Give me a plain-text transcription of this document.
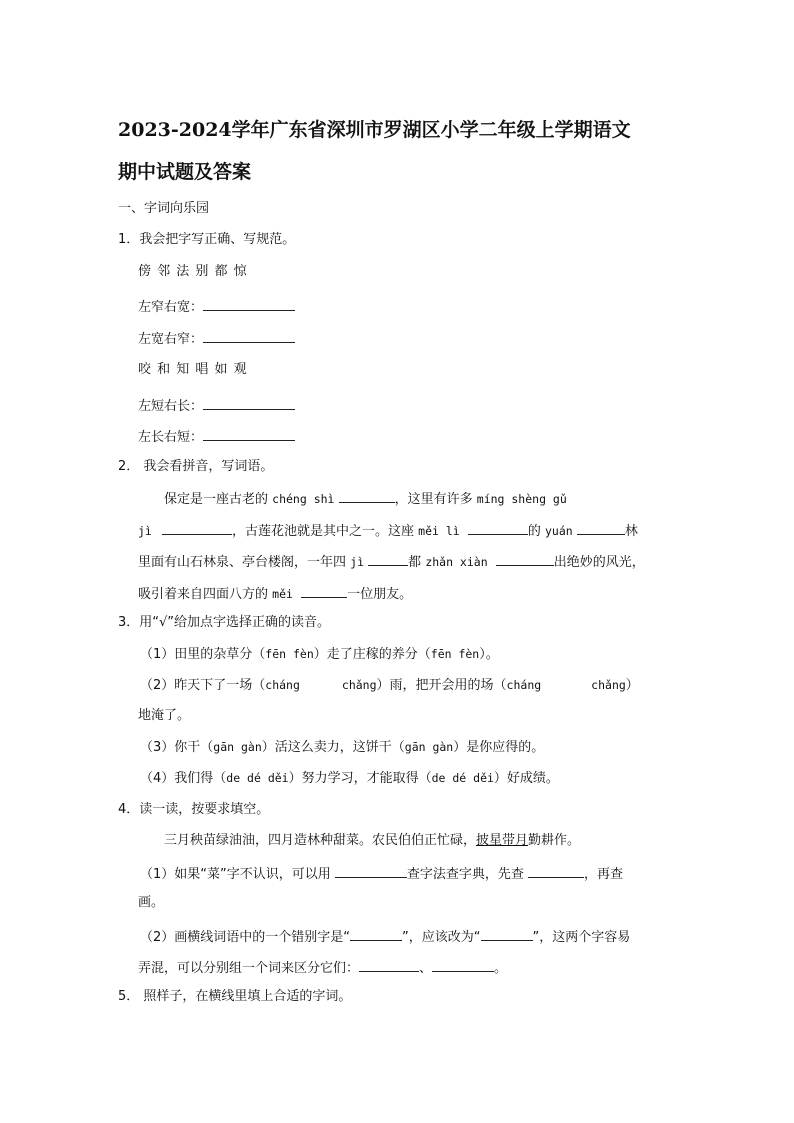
2023-2024学年广东省深圳市罗湖区小学二年级上学期语文
期中试题及答案
一、字词向乐园
1．我会把字写正确、写规范。
傍 邻 法 别 都 惊
左窄右宽：
左宽右窄：
咬 和 知 唱 如 观
左短右长：
左长右短：
2． 我会看拼音，写词语。
保定是一座古老的 chéng shì	，这里有许多 míng shèng gǔ
jì	，古莲花池就是其中之一。这座 měi lì	的 yuán	林
里面有山石林泉、亭台楼阁，一年四 jì	都 zhǎn xiàn	出绝妙的风光，
吸引着来自四面八方的 měi	一位朋友。
3．用“√”给加点字选择正确的读音。
（1）田里的杂草分（fēn fèn）走了庄稼的养分（fēn fèn）。
（2）昨天下了一场（cháng	chǎng）雨，把开会用的场（cháng	chǎng）
地淹了。
（3）你干（gān gàn）活这么卖力，这饼干（gān gàn）是你应得的。
（4）我们得（de dé děi）努力学习，才能取得（de dé děi）好成绩。
4．读一读，按要求填空。
三月秧苗绿油油，四月造林种甜菜。农民伯伯正忙碌，披星带月勤耕作。
（1）如果“菜”字不认识，可以用	查字法查字典，先查	，再查
画。
（2）画横线词语中的一个错别字是“	”，应该改为“	”，这两个字容易
弄混，可以分别组一个词来区分它们：	、	。
5． 照样子，在横线里填上合适的字词。
